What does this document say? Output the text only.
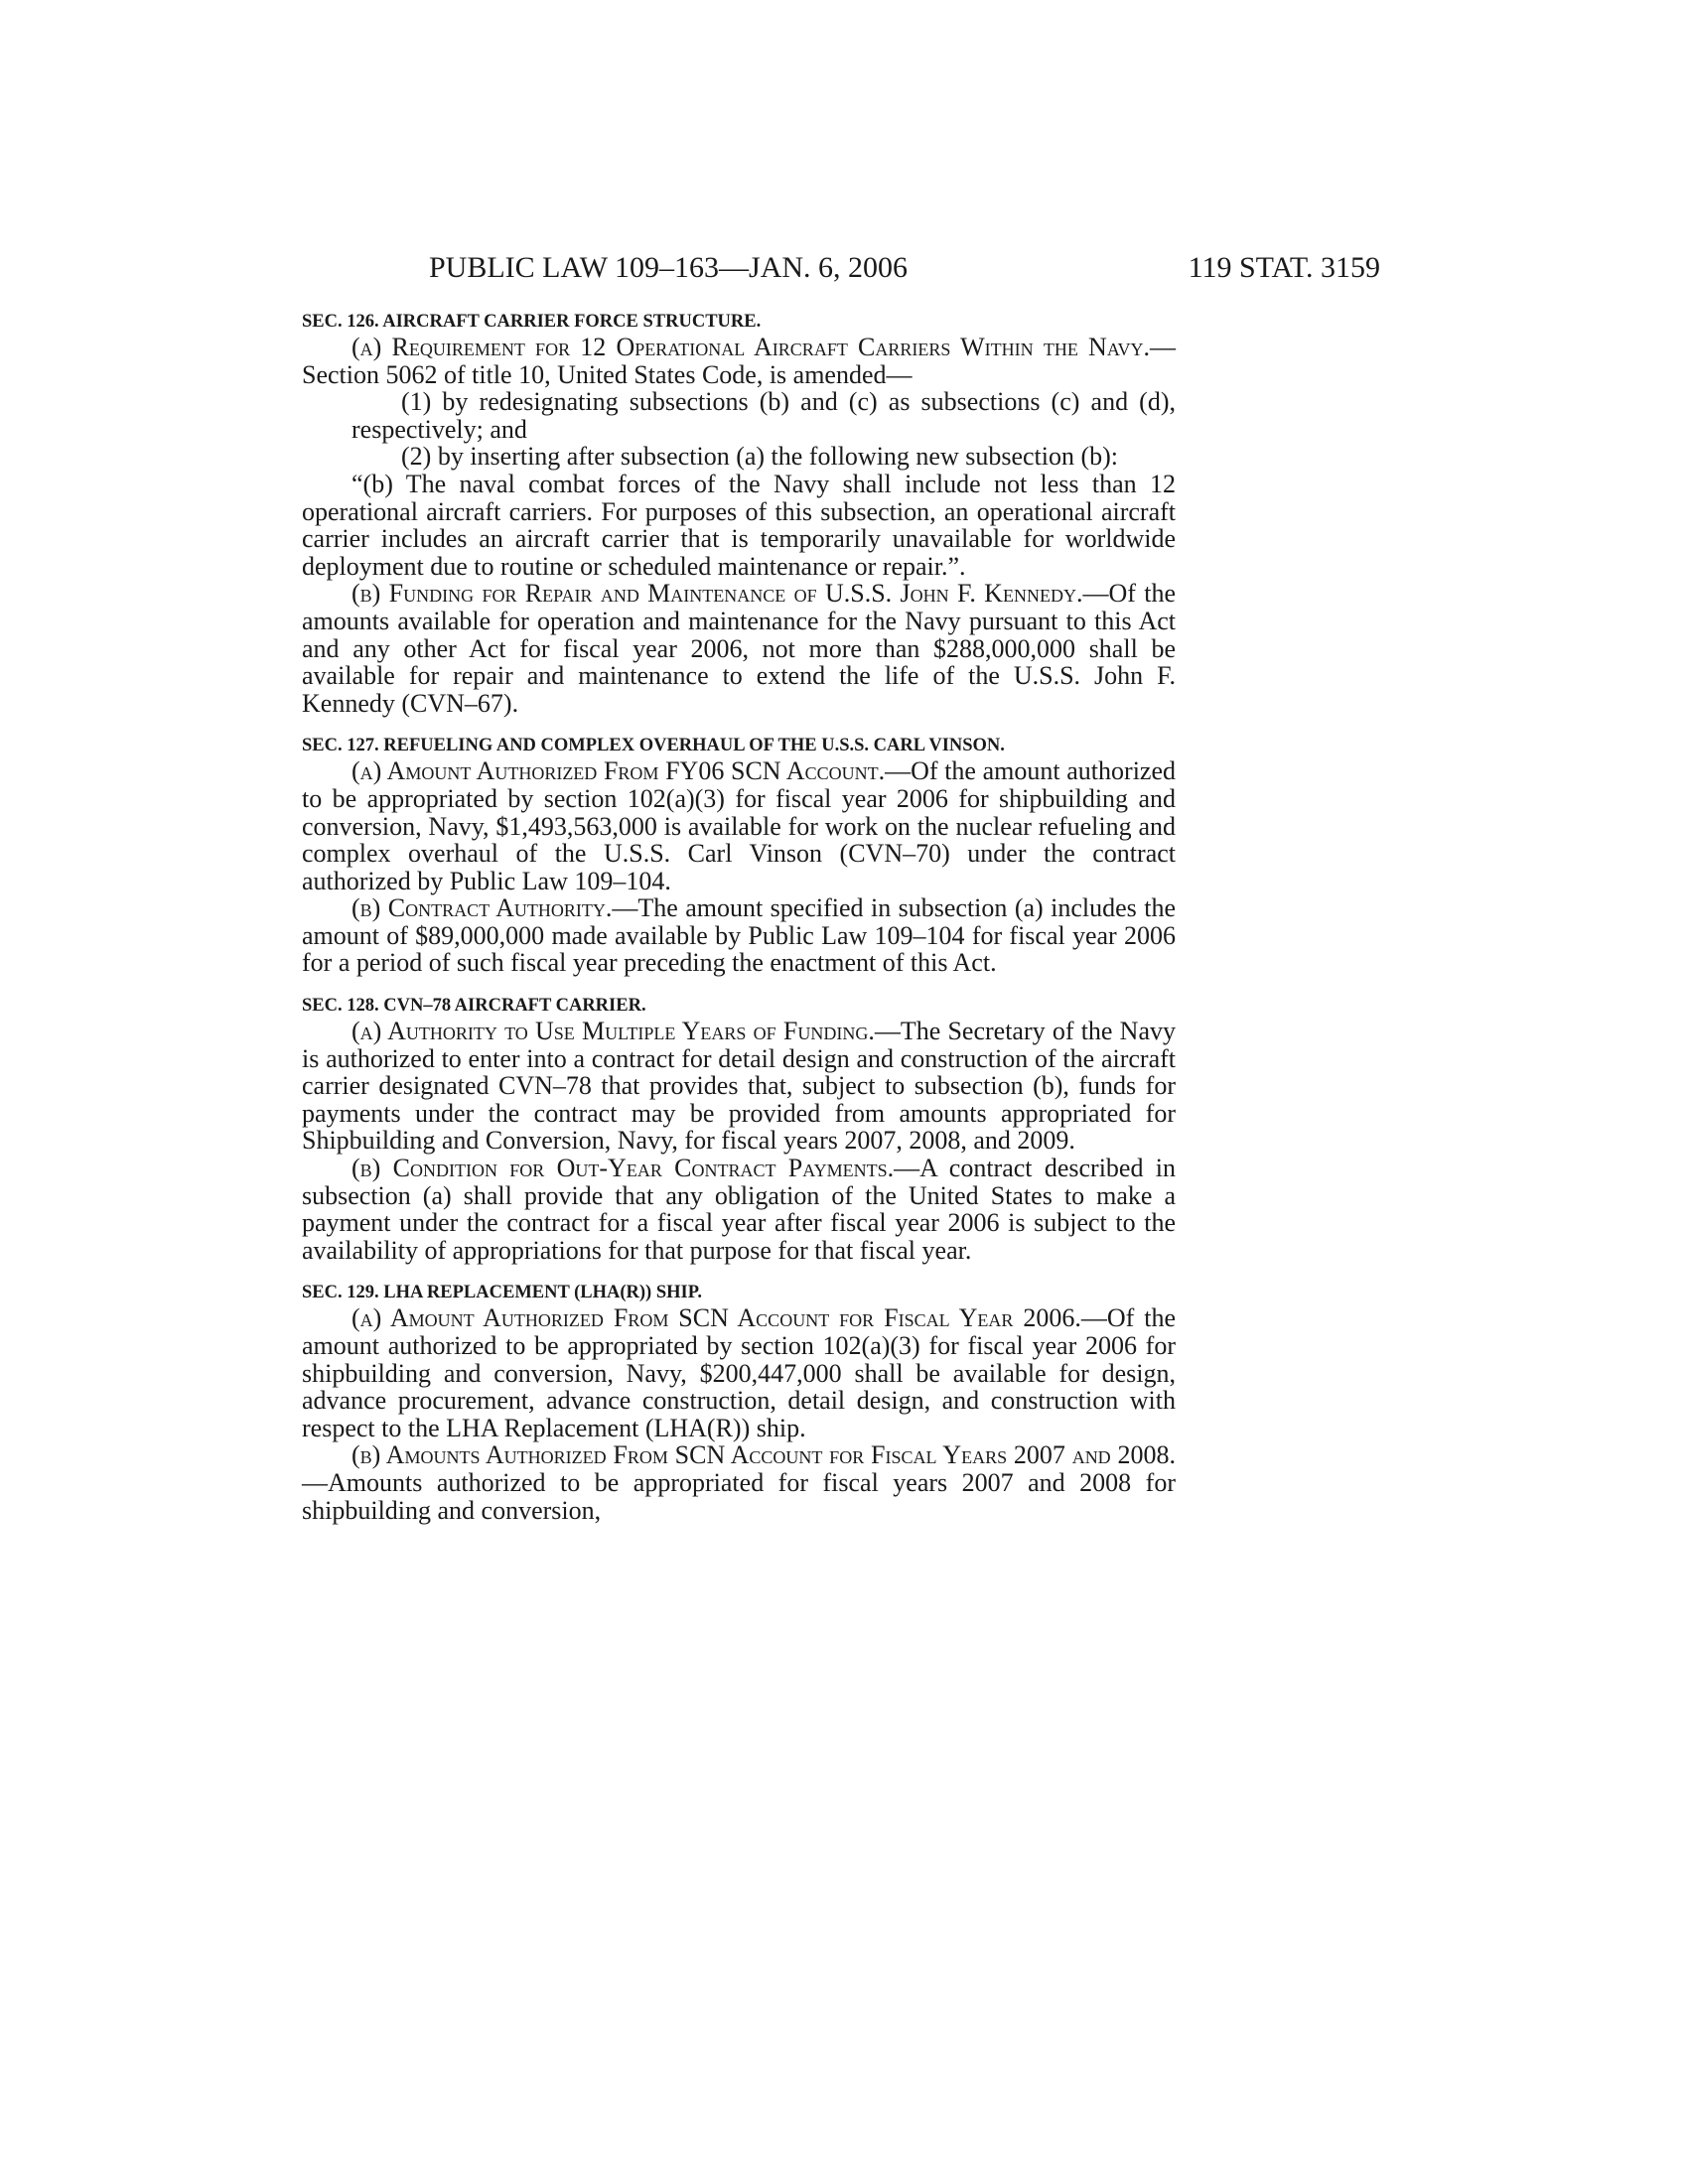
PUBLIC LAW 109–163—JAN. 6, 2006	119 STAT. 3159

SEC. 126. AIRCRAFT CARRIER FORCE STRUCTURE.

(a) Requirement for 12 Operational Aircraft Carriers Within the Navy.—Section 5062 of title 10, United States Code, is amended—

(1) by redesignating subsections (b) and (c) as subsections (c) and (d), respectively; and

(2) by inserting after subsection (a) the following new subsection (b):

“(b) The naval combat forces of the Navy shall include not less than 12 operational aircraft carriers. For purposes of this subsection, an operational aircraft carrier includes an aircraft carrier that is temporarily unavailable for worldwide deployment due to routine or scheduled maintenance or repair.”.

(b) Funding for Repair and Maintenance of U.S.S. John F. Kennedy.—Of the amounts available for operation and maintenance for the Navy pursuant to this Act and any other Act for fiscal year 2006, not more than $288,000,000 shall be available for repair and maintenance to extend the life of the U.S.S. John F. Kennedy (CVN–67).

SEC. 127. REFUELING AND COMPLEX OVERHAUL OF THE U.S.S. CARL VINSON.

(a) Amount Authorized From FY06 SCN Account.—Of the amount authorized to be appropriated by section 102(a)(3) for fiscal year 2006 for shipbuilding and conversion, Navy, $1,493,563,000 is available for work on the nuclear refueling and complex overhaul of the U.S.S. Carl Vinson (CVN–70) under the contract authorized by Public Law 109–104.

(b) Contract Authority.—The amount specified in subsection (a) includes the amount of $89,000,000 made available by Public Law 109–104 for fiscal year 2006 for a period of such fiscal year preceding the enactment of this Act.

SEC. 128. CVN–78 AIRCRAFT CARRIER.

(a) Authority to Use Multiple Years of Funding.—The Secretary of the Navy is authorized to enter into a contract for detail design and construction of the aircraft carrier designated CVN–78 that provides that, subject to subsection (b), funds for payments under the contract may be provided from amounts appropriated for Shipbuilding and Conversion, Navy, for fiscal years 2007, 2008, and 2009.

(b) Condition for Out-Year Contract Payments.—A contract described in subsection (a) shall provide that any obligation of the United States to make a payment under the contract for a fiscal year after fiscal year 2006 is subject to the availability of appropriations for that purpose for that fiscal year.

SEC. 129. LHA REPLACEMENT (LHA(R)) SHIP.

(a) Amount Authorized From SCN Account for Fiscal Year 2006.—Of the amount authorized to be appropriated by section 102(a)(3) for fiscal year 2006 for shipbuilding and conversion, Navy, $200,447,000 shall be available for design, advance procurement, advance construction, detail design, and construction with respect to the LHA Replacement (LHA(R)) ship.

(b) Amounts Authorized From SCN Account for Fiscal Years 2007 and 2008.—Amounts authorized to be appropriated for fiscal years 2007 and 2008 for shipbuilding and conversion,
